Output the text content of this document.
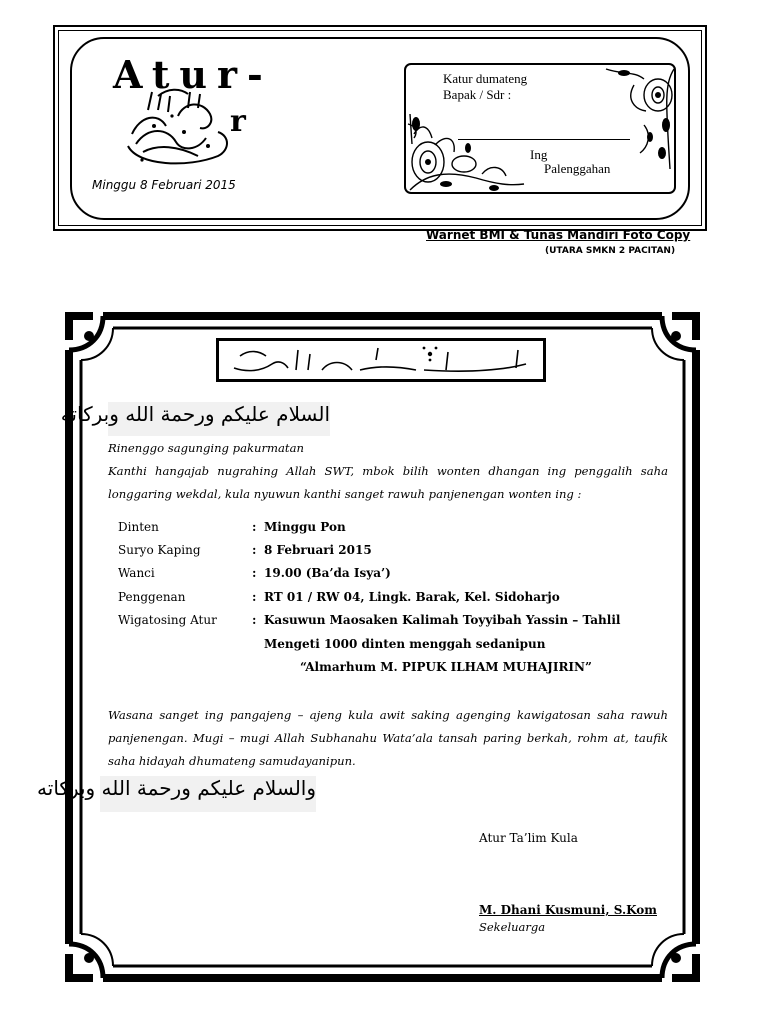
Atur-
r
Minggu 8 Februari 2015
Katur dumateng
Bapak / Sdr :
Ing
Palenggahan
Warnet BMI & Tunas Mandiri Foto Copy
(UTARA SMKN 2 PACITAN)
السلام عليكم ورحمة الله وبركاته
Rinenggo sagunging pakurmatan
Kanthi hangajab nugrahing Allah SWT, mbok bilih wonten dhangan ing penggalih saha longgaring wekdal, kula nyuwun kanthi sanget rawuh panjenengan wonten ing :
Dinten	: Minggu Pon
Suryo Kaping	: 8 Februari 2015
Wanci	: 19.00 (Ba’da Isya’)
Penggenan	: RT 01 / RW 04, Lingk. Barak, Kel. Sidoharjo
Wigatosing Atur	: Kasuwun Maosaken Kalimah Toyyibah Yassin – Tahlil
Mengeti 1000 dinten menggah sedanipun
“Almarhum M. PIPUK ILHAM MUHAJIRIN”
Wasana sanget ing pangajeng – ajeng kula awit saking agenging kawigatosan saha rawuh panjenengan. Mugi – mugi Allah Subhanahu Wata’ala tansah paring berkah, rohm at, taufik saha hidayah dhumateng samudayanipun.
والسلام عليكم ورحمة الله وبركاته
Atur Ta’lim Kula
M. Dhani Kusmuni, S.Kom
Sekeluarga
